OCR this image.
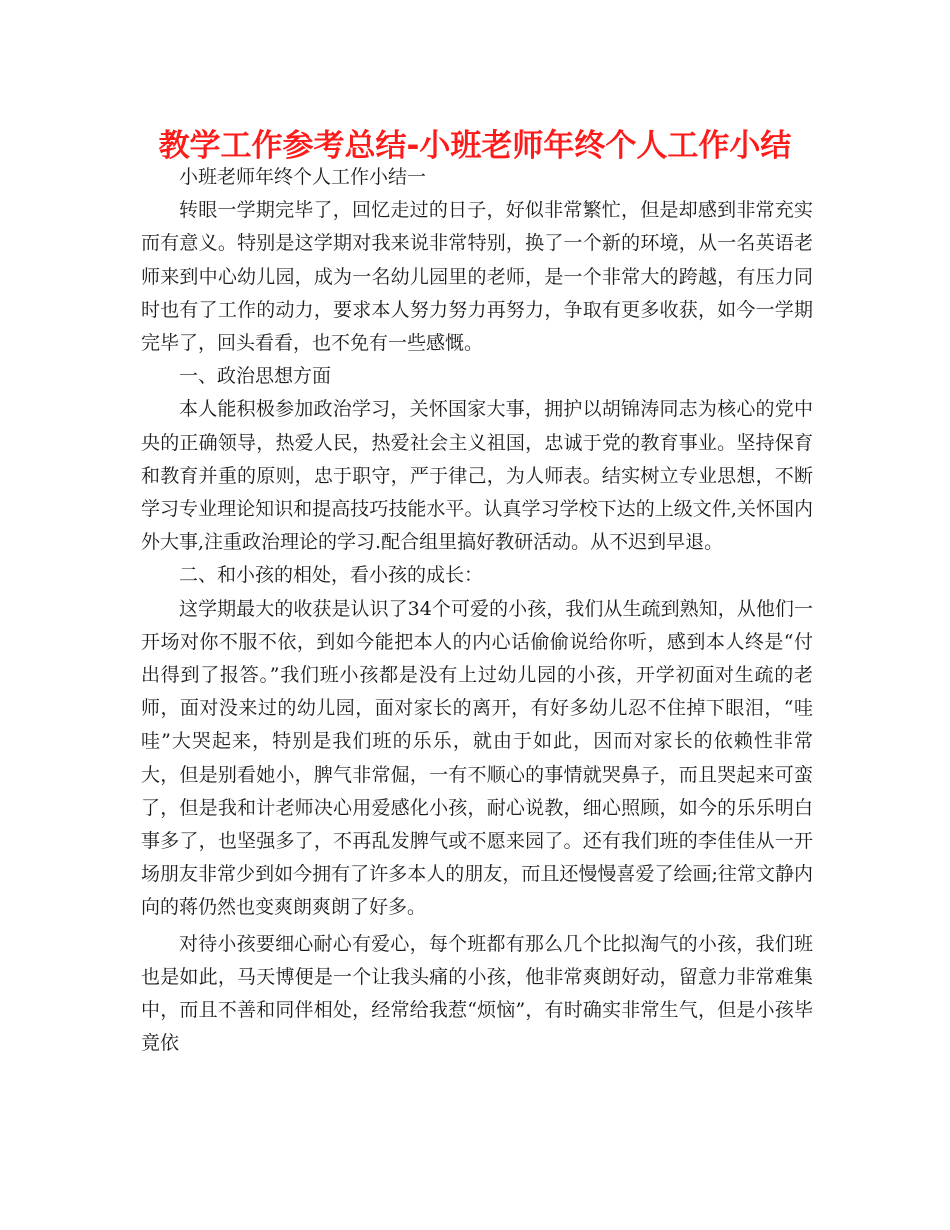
教学工作参考总结-小班老师年终个人工作小结

小班老师年终个人工作小结一

转眼一学期完毕了，回忆走过的日子，好似非常繁忙，但是却感到非常充实而有意义。特别是这学期对我来说非常特别，换了一个新的环境，从一名英语老师来到中心幼儿园，成为一名幼儿园里的老师，是一个非常大的跨越，有压力同时也有了工作的动力，要求本人努力努力再努力，争取有更多收获，如今一学期完毕了，回头看看，也不免有一些感慨。

一、政治思想方面

本人能积极参加政治学习，关怀国家大事，拥护以胡锦涛同志为核心的党中央的正确领导，热爱人民，热爱社会主义祖国，忠诚于党的教育事业。坚持保育和教育并重的原则，忠于职守，严于律己，为人师表。结实树立专业思想，不断学习专业理论知识和提高技巧技能水平。认真学习学校下达的上级文件,关怀国内外大事,注重政治理论的学习.配合组里搞好教研活动。从不迟到早退。

二、和小孩的相处，看小孩的成长：

这学期最大的收获是认识了34个可爱的小孩，我们从生疏到熟知，从他们一开场对你不服不依，到如今能把本人的内心话偷偷说给你听，感到本人终是“付出得到了报答。”我们班小孩都是没有上过幼儿园的小孩，开学初面对生疏的老师，面对没来过的幼儿园，面对家长的离开，有好多幼儿忍不住掉下眼泪，“哇哇”大哭起来，特别是我们班的乐乐，就由于如此，因而对家长的依赖性非常大，但是别看她小，脾气非常倔，一有不顺心的事情就哭鼻子，而且哭起来可蛮了，但是我和计老师决心用爱感化小孩，耐心说教，细心照顾，如今的乐乐明白事多了，也坚强多了，不再乱发脾气或不愿来园了。还有我们班的李佳佳从一开场朋友非常少到如今拥有了许多本人的朋友，而且还慢慢喜爱了绘画;往常文静内向的蒋仍然也变爽朗爽朗了好多。

对待小孩要细心耐心有爱心，每个班都有那么几个比拟淘气的小孩，我们班也是如此，马天博便是一个让我头痛的小孩，他非常爽朗好动，留意力非常难集中，而且不善和同伴相处，经常给我惹“烦恼”，有时确实非常生气，但是小孩毕竟依
